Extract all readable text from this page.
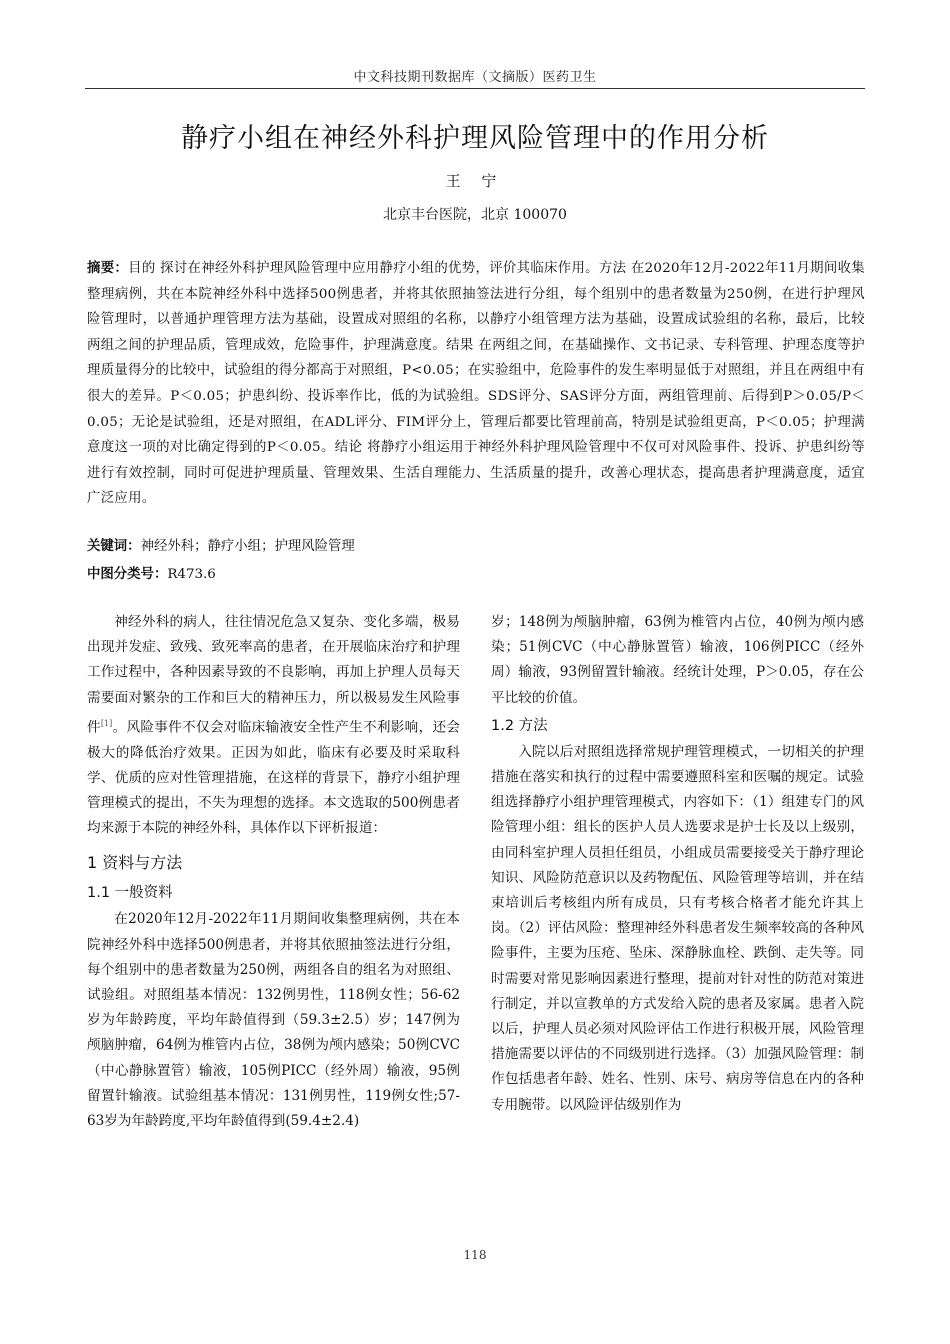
中文科技期刊数据库（文摘版）医药卫生
静疗小组在神经外科护理风险管理中的作用分析
王 宁
北京丰台医院，北京 100070
摘要：目的 探讨在神经外科护理风险管理中应用静疗小组的优势，评价其临床作用。方法 在2020年12月-2022年11月期间收集整理病例，共在本院神经外科中选择500例患者，并将其依照抽签法进行分组，每个组别中的患者数量为250例，在进行护理风险管理时，以普通护理管理方法为基础，设置成对照组的名称，以静疗小组管理方法为基础，设置成试验组的名称，最后，比较两组之间的护理品质，管理成效，危险事件，护理满意度。结果 在两组之间，在基础操作、文书记录、专科管理、护理态度等护理质量得分的比较中，试验组的得分都高于对照组，P<0.05；在实验组中，危险事件的发生率明显低于对照组，并且在两组中有很大的差异。P＜0.05；护患纠纷、投诉率作比，低的为试验组。SDS评分、SAS评分方面，两组管理前、后得到P＞0.05/P＜0.05；无论是试验组，还是对照组，在ADL评分、FIM评分上，管理后都要比管理前高，特别是试验组更高，P＜0.05；护理满意度这一项的对比确定得到的P＜0.05。结论 将静疗小组运用于神经外科护理风险管理中不仅可对风险事件、投诉、护患纠纷等进行有效控制，同时可促进护理质量、管理效果、生活自理能力、生活质量的提升，改善心理状态，提高患者护理满意度，适宜广泛应用。
关键词：神经外科；静疗小组；护理风险管理
中图分类号：R473.6

神经外科的病人，往往情况危急又复杂、变化多端，极易出现并发症、致残、致死率高的患者，在开展临床治疗和护理工作过程中，各种因素导致的不良影响，再加上护理人员每天需要面对繁杂的工作和巨大的精神压力，所以极易发生风险事件[1]。风险事件不仅会对临床输液安全性产生不利影响，还会极大的降低治疗效果。正因为如此，临床有必要及时采取科学、优质的应对性管理措施，在这样的背景下，静疗小组护理管理模式的提出，不失为理想的选择。本文选取的500例患者均来源于本院的神经外科，具体作以下评析报道：

1 资料与方法
1.1 一般资料

在2020年12月-2022年11月期间收集整理病例，共在本院神经外科中选择500例患者，并将其依照抽签法进行分组，每个组别中的患者数量为250例，两组各自的组名为对照组、试验组。对照组基本情况：132例男性，118例女性；56-62岁为年龄跨度，平均年龄值得到（59.3±2.5）岁；147例为颅脑肿瘤，64例为椎管内占位，38例为颅内感染；50例CVC（中心静脉置管）输液，105例PICC（经外周）输液，95例留置针输液。试验组基本情况：131例男性，119例女性;57-63岁为年龄跨度,平均年龄值得到(59.4±2.4)

岁；148例为颅脑肿瘤，63例为椎管内占位，40例为颅内感染；51例CVC（中心静脉置管）输液，106例PICC（经外周）输液，93例留置针输液。经统计处理，P＞0.05，存在公平比较的价值。

1.2 方法

入院以后对照组选择常规护理管理模式，一切相关的护理措施在落实和执行的过程中需要遵照科室和医嘱的规定。试验组选择静疗小组护理管理模式，内容如下：（1）组建专门的风险管理小组：组长的医护人员人选要求是护士长及以上级别，由同科室护理人员担任组员，小组成员需要接受关于静疗理论知识、风险防范意识以及药物配伍、风险管理等培训，并在结束培训后考核组内所有成员，只有考核合格者才能允许其上岗。（2）评估风险：整理神经外科患者发生频率较高的各种风险事件，主要为压疮、坠床、深静脉血栓、跌倒、走失等。同时需要对常见影响因素进行整理，提前对针对性的防范对策进行制定，并以宣教单的方式发给入院的患者及家属。患者入院以后，护理人员必须对风险评估工作进行积极开展，风险管理措施需要以评估的不同级别进行选择。（3）加强风险管理：制作包括患者年龄、姓名、性别、床号、病房等信息在内的各种专用腕带。以风险评估级别作为

118
